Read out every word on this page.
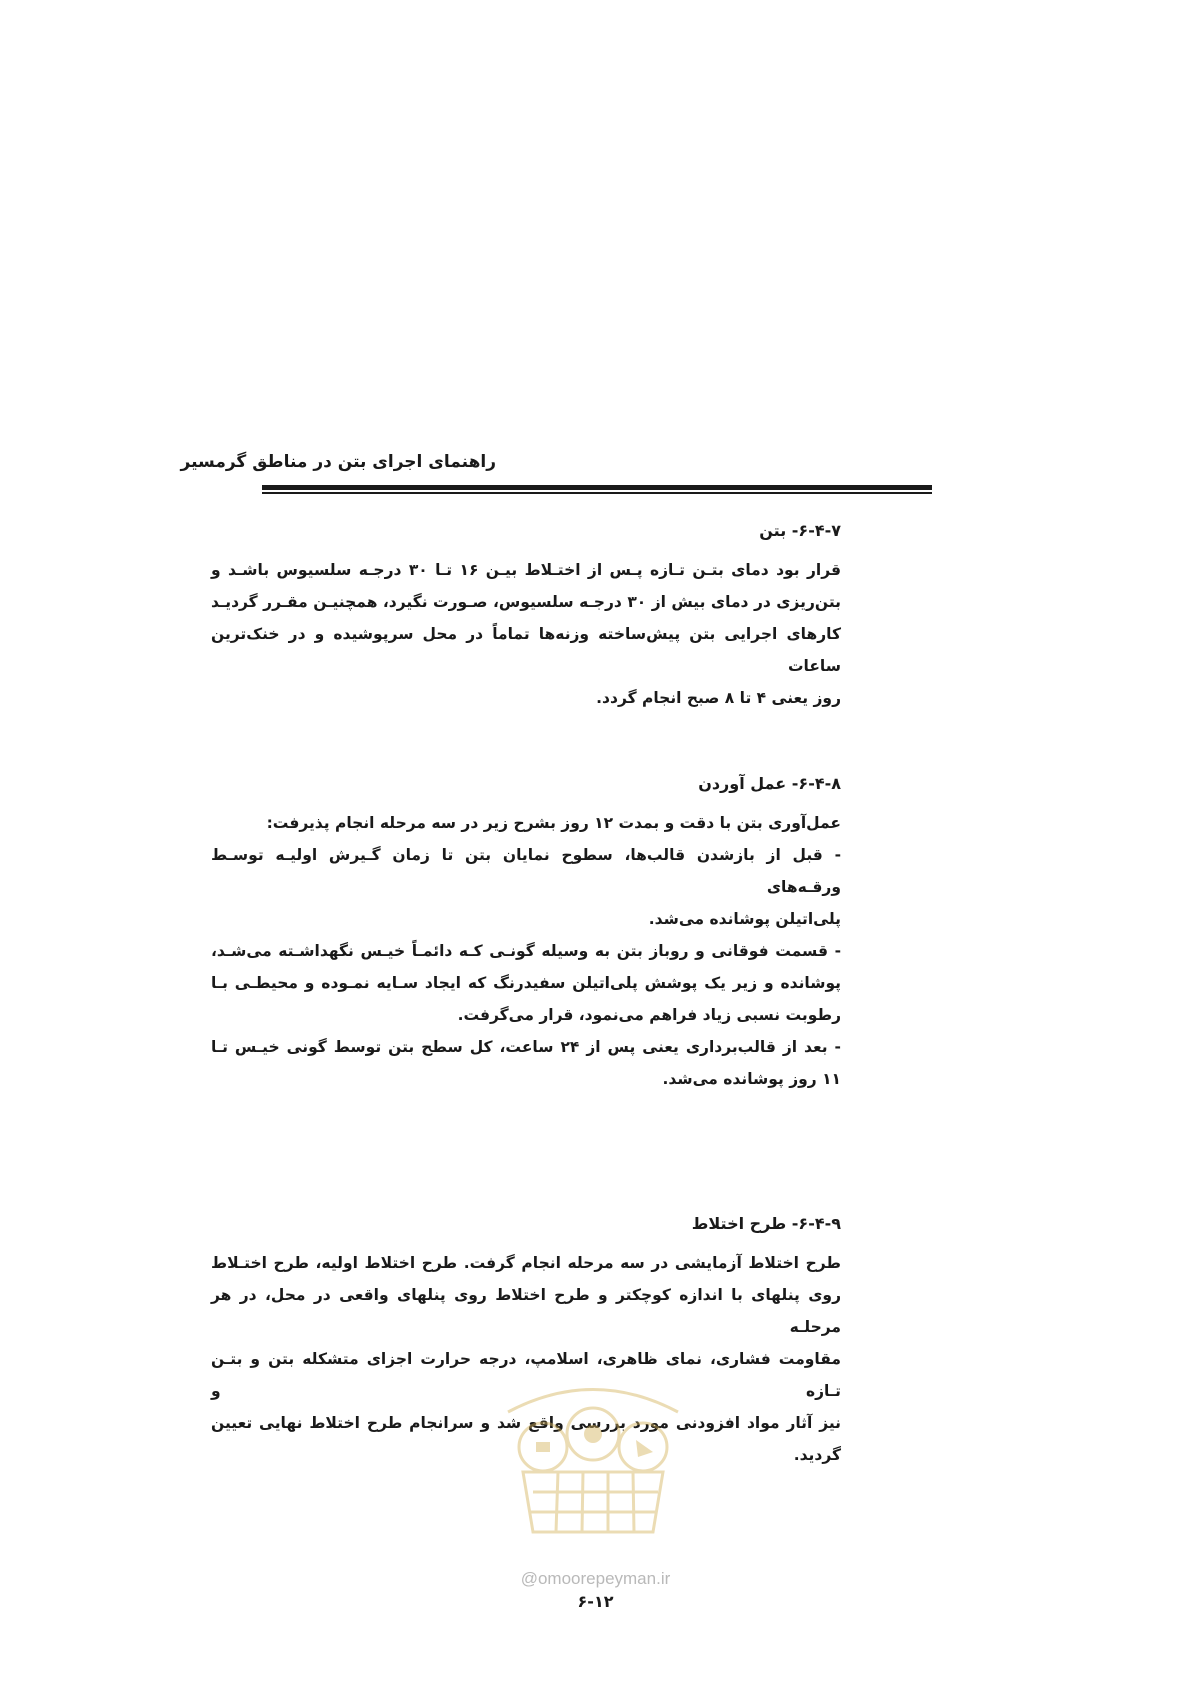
راهنمای اجرای بتن در مناطق گرمسیر
۶-۴-۷- بتن

قرار بود دمای بتـن تـازه پـس از اختـلاط بیـن ۱۶ تـا ۳۰ درجـه سلسیوس باشـد و

بتن‌ریزی در دمای بیش از ۳۰ درجـه سلسیوس، صـورت نگیرد، همچنیـن مقـرر گردیـد

کارهای اجرایی بتن پیش‌ساخته وزنه‌ها تماماً در محل سرپوشیده و در خنک‌ترین ساعات

روز یعنی ۴ تا ۸ صبح انجام گردد.

۶-۴-۸- عمل آوردن

عمل‌آوری بتن با دقت و بمدت ۱۲ روز بشرح زیر در سه مرحله انجام پذیرفت:

- قبل از بازشدن قالب‌ها، سطوح نمایان بتن تا زمان گـیرش اولیـه توسـط ورقـه‌های

پلی‌اتیلن پوشانده می‌شد.

- قسمت فوقانی و روباز بتن به وسیله گونـی کـه دائمـاً خیـس نگهداشـته می‌شـد،

پوشانده و زیر یک پوشش پلی‌اتیلن سفیدرنگ که ایجاد سـایه نمـوده و محیطـی بـا

رطوبت نسبی زیاد فراهم می‌نمود، قرار می‌گرفت.

- بعد از قالب‌برداری یعنی پس از ۲۴ ساعت، کل سطح بتن توسط گونی خیـس تـا

۱۱ روز پوشانده می‌شد.

۶-۴-۹- طرح اختلاط

طرح اختلاط آزمایشی در سه مرحله انجام گرفت. طرح اختلاط اولیه، طرح اختـلاط

روی پنلهای با اندازه کوچکتر و طرح اختلاط روی پنلهای واقعی در محل، در هر مرحلـه

مقاومت فشاری، نمای ظاهری، اسلامپ، درجه حرارت اجزای متشکله بتن و بتـن تـازه و

نیز آثار مواد افزودنی مورد بررسی واقع شد و سرانجام طرح اختلاط نهایی تعیین گردید.

@omoorepeyman.ir
۶-۱۲
